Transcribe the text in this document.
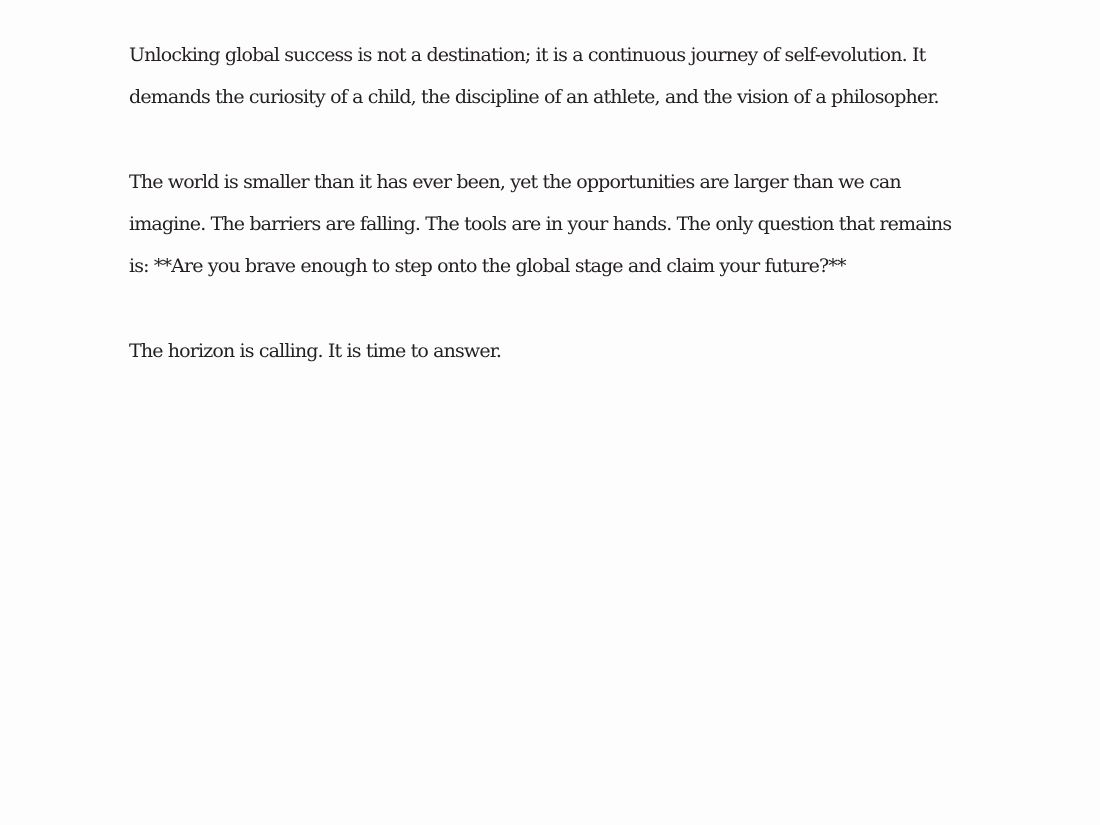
Unlocking global success is not a destination; it is a continuous journey of self-evolution. It demands the curiosity of a child, the discipline of an athlete, and the vision of a philosopher.

The world is smaller than it has ever been, yet the opportunities are larger than we can imagine. The barriers are falling. The tools are in your hands. The only question that remains is: **Are you brave enough to step onto the global stage and claim your future?**

The horizon is calling. It is time to answer.
